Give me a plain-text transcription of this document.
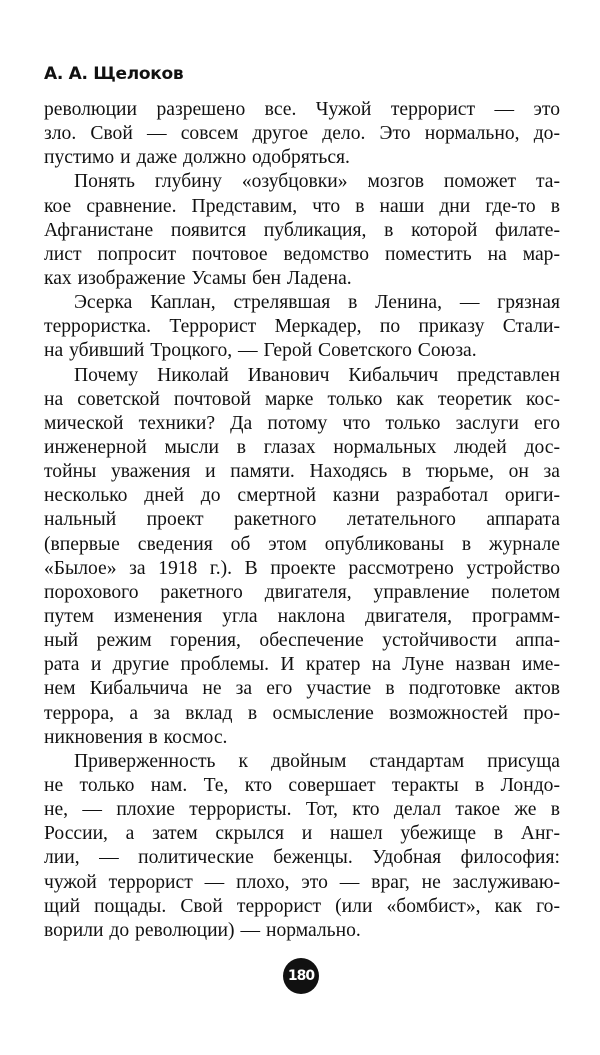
А. А. Щелоков
революции разрешено все. Чужой террорист — это
зло. Свой — совсем другое дело. Это нормально, до-
пустимо и даже должно одобряться.
Понять глубину «озубцовки» мозгов поможет та-
кое сравнение. Представим, что в наши дни где-то в
Афганистане появится публикация, в которой филате-
лист попросит почтовое ведомство поместить на мар-
ках изображение Усамы бен Ладена.
Эсерка Каплан, стрелявшая в Ленина, — грязная
террористка. Террорист Меркадер, по приказу Стали-
на убивший Троцкого, — Герой Советского Союза.
Почему Николай Иванович Кибальчич представлен
на советской почтовой марке только как теоретик кос-
мической техники? Да потому что только заслуги его
инженерной мысли в глазах нормальных людей дос-
тойны уважения и памяти. Находясь в тюрьме, он за
несколько дней до смертной казни разработал ориги-
нальный проект ракетного летательного аппарата
(впервые сведения об этом опубликованы в журнале
«Былое» за 1918 г.). В проекте рассмотрено устройство
порохового ракетного двигателя, управление полетом
путем изменения угла наклона двигателя, программ-
ный режим горения, обеспечение устойчивости аппа-
рата и другие проблемы. И кратер на Луне назван име-
нем Кибальчича не за его участие в подготовке актов
террора, а за вклад в осмысление возможностей про-
никновения в космос.
Приверженность к двойным стандартам присуща
не только нам. Те, кто совершает теракты в Лондо-
не, — плохие террористы. Тот, кто делал такое же в
России, а затем скрылся и нашел убежище в Анг-
лии, — политические беженцы. Удобная философия:
чужой террорист — плохо, это — враг, не заслуживаю-
щий пощады. Свой террорист (или «бомбист», как го-
ворили до революции) — нормально.
180
